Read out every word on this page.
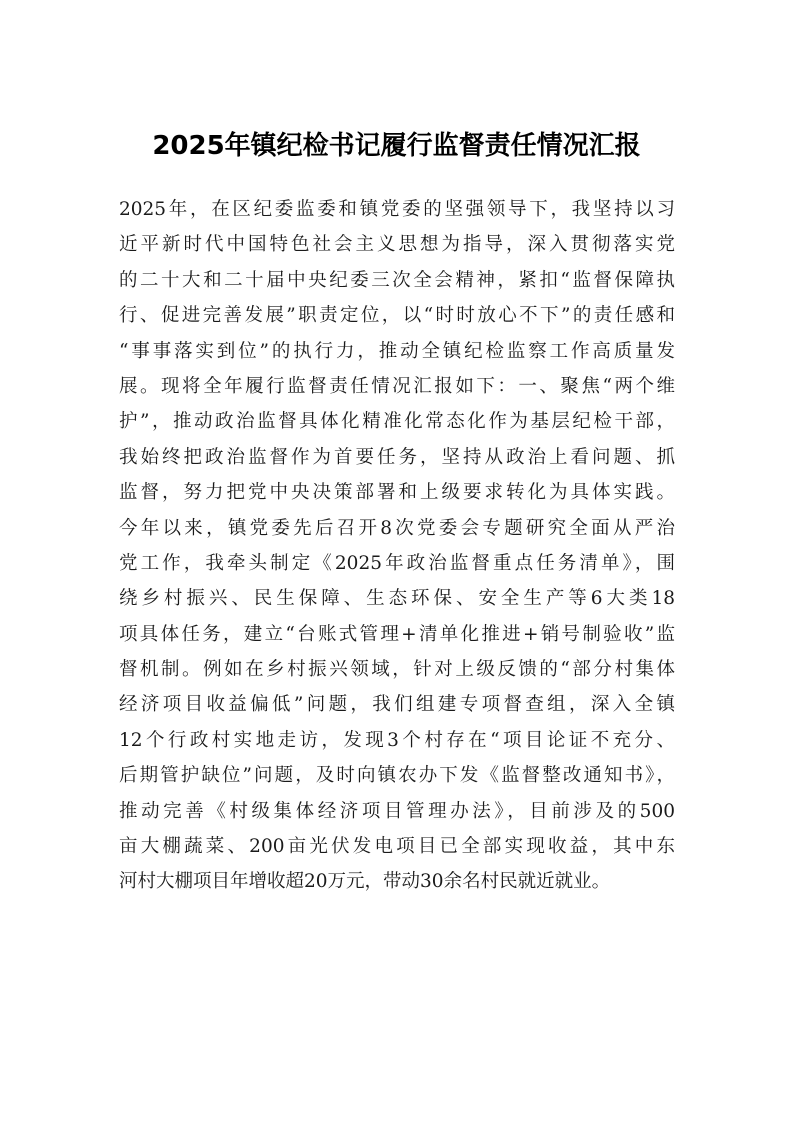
2025年镇纪检书记履行监督责任情况汇报
2025年，在区纪委监委和镇党委的坚强领导下，我坚持以习
近平新时代中国特色社会主义思想为指导，深入贯彻落实党
的二十大和二十届中央纪委三次全会精神，紧扣“监督保障执
行、促进完善发展”职责定位，以“时时放心不下”的责任感和
“事事落实到位”的执行力，推动全镇纪检监察工作高质量发
展。现将全年履行监督责任情况汇报如下：一、聚焦“两个维
护”，推动政治监督具体化精准化常态化作为基层纪检干部，
我始终把政治监督作为首要任务，坚持从政治上看问题、抓
监督，努力把党中央决策部署和上级要求转化为具体实践。
今年以来，镇党委先后召开8次党委会专题研究全面从严治
党工作，我牵头制定《2025年政治监督重点任务清单》，围
绕乡村振兴、民生保障、生态环保、安全生产等6大类18
项具体任务，建立“台账式管理+清单化推进+销号制验收”监
督机制。例如在乡村振兴领域，针对上级反馈的“部分村集体
经济项目收益偏低”问题，我们组建专项督查组，深入全镇
12个行政村实地走访，发现3个村存在“项目论证不充分、
后期管护缺位”问题，及时向镇农办下发《监督整改通知书》，
推动完善《村级集体经济项目管理办法》，目前涉及的500
亩大棚蔬菜、200亩光伏发电项目已全部实现收益，其中东
河村大棚项目年增收超20万元，带动30余名村民就近就业。
